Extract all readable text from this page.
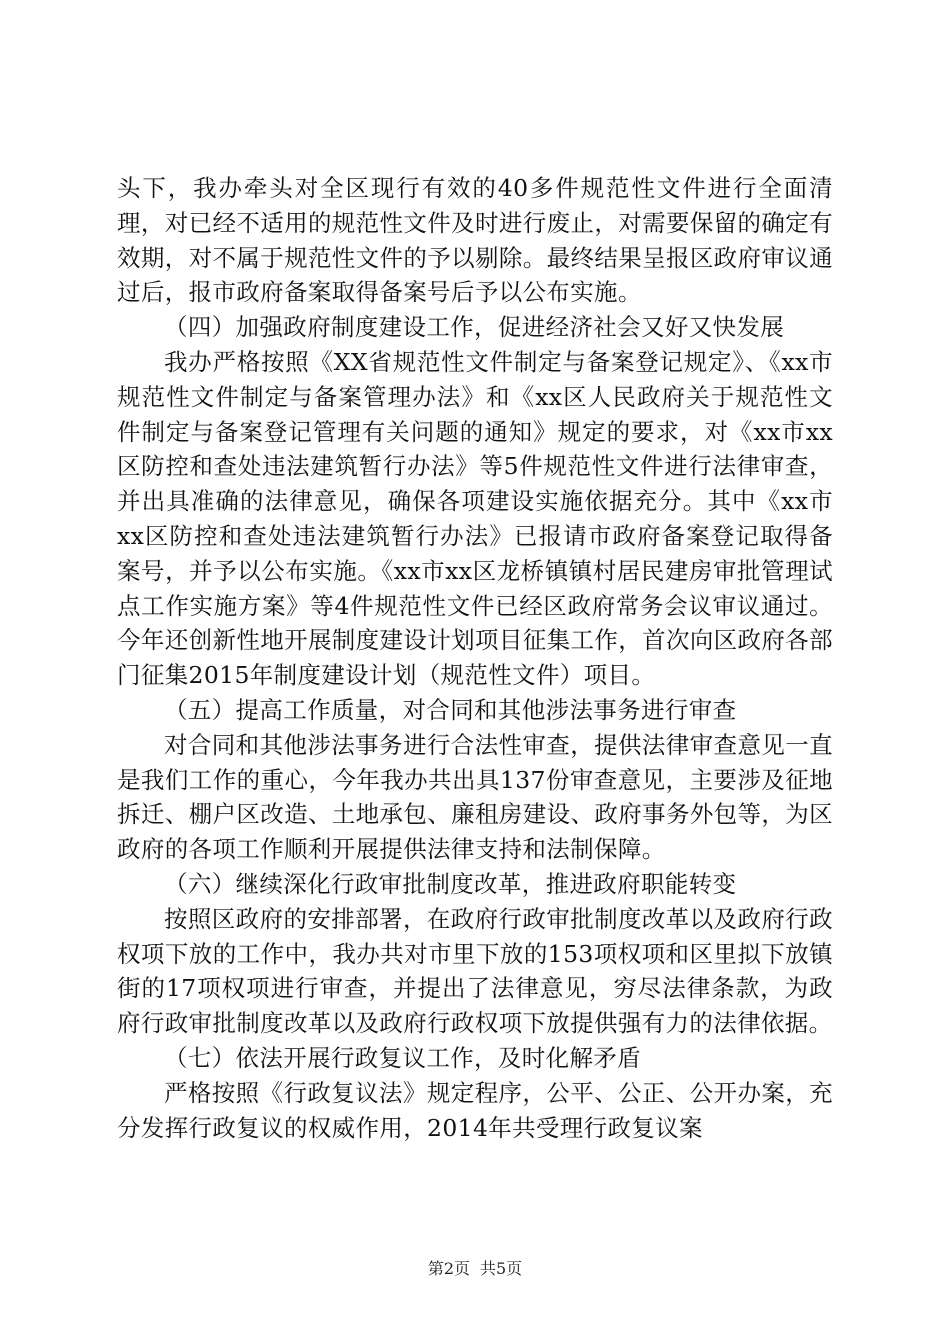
头下，我办牵头对全区现行有效的40多件规范性文件进行全面清理，对已经不适用的规范性文件及时进行废止，对需要保留的确定有效期，对不属于规范性文件的予以剔除。最终结果呈报区政府审议通过后，报市政府备案取得备案号后予以公布实施。

（四）加强政府制度建设工作，促进经济社会又好又快发展

我办严格按照《XX省规范性文件制定与备案登记规定》、《xx市规范性文件制定与备案管理办法》和《xx区人民政府关于规范性文件制定与备案登记管理有关问题的通知》规定的要求，对《xx市xx区防控和查处违法建筑暂行办法》等5件规范性文件进行法律审查，并出具准确的法律意见，确保各项建设实施依据充分。其中《xx市xx区防控和查处违法建筑暂行办法》已报请市政府备案登记取得备案号，并予以公布实施。《xx市xx区龙桥镇镇村居民建房审批管理试点工作实施方案》等4件规范性文件已经区政府常务会议审议通过。今年还创新性地开展制度建设计划项目征集工作，首次向区政府各部门征集2015年制度建设计划（规范性文件）项目。

（五）提高工作质量，对合同和其他涉法事务进行审查

对合同和其他涉法事务进行合法性审查，提供法律审查意见一直是我们工作的重心，今年我办共出具137份审查意见，主要涉及征地拆迁、棚户区改造、土地承包、廉租房建设、政府事务外包等，为区政府的各项工作顺利开展提供法律支持和法制保障。

（六）继续深化行政审批制度改革，推进政府职能转变

按照区政府的安排部署，在政府行政审批制度改革以及政府行政权项下放的工作中，我办共对市里下放的153项权项和区里拟下放镇街的17项权项进行审查，并提出了法律意见，穷尽法律条款，为政府行政审批制度改革以及政府行政权项下放提供强有力的法律依据。

（七）依法开展行政复议工作，及时化解矛盾

严格按照《行政复议法》规定程序，公平、公正、公开办案，充分发挥行政复议的权威作用，2014年共受理行政复议案

第2页 共5页
